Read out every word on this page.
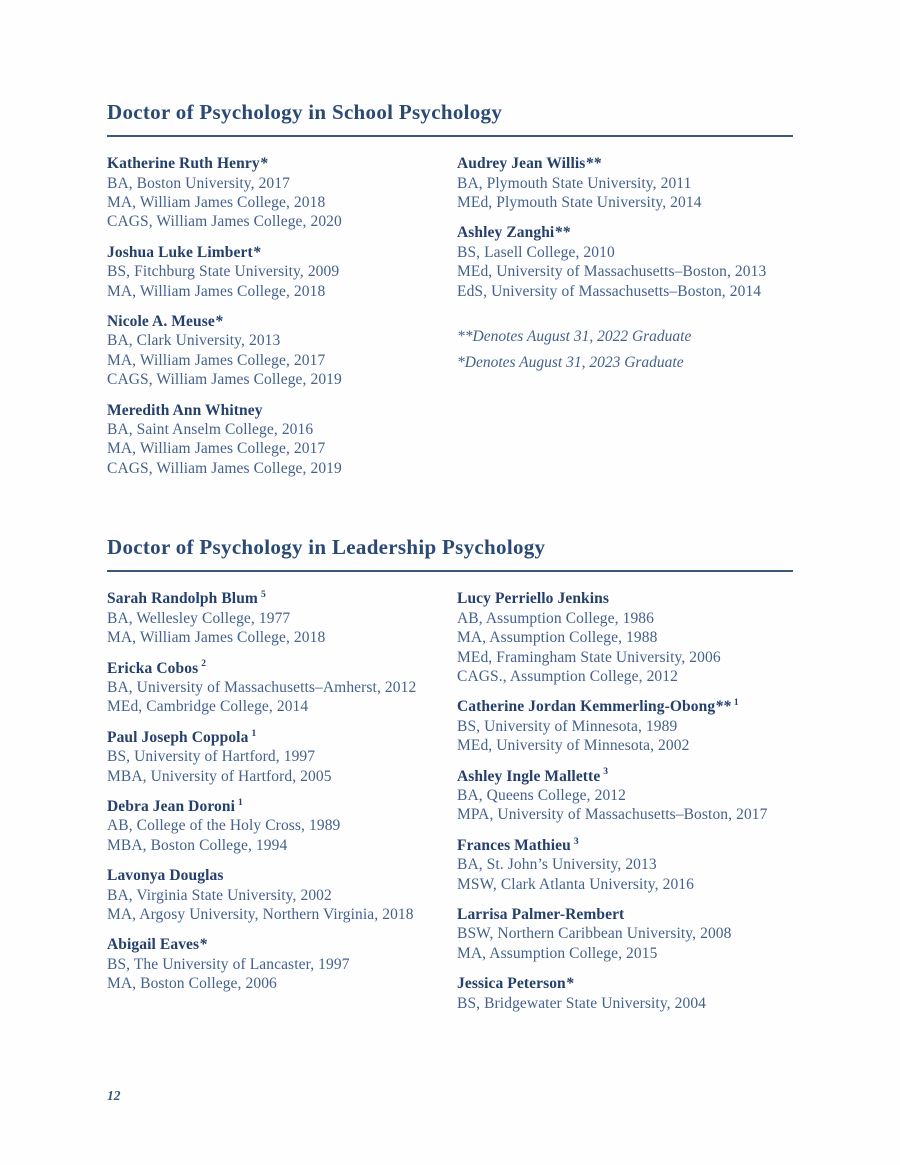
Doctor of Psychology in School Psychology

Katherine Ruth Henry*

BA, Boston University, 2017

MA, William James College, 2018

CAGS, William James College, 2020

Joshua Luke Limbert*

BS, Fitchburg State University, 2009

MA, William James College, 2018

Nicole A. Meuse*

BA, Clark University, 2013

MA, William James College, 2017

CAGS, William James College, 2019

Meredith Ann Whitney

BA, Saint Anselm College, 2016

MA, William James College, 2017

CAGS, William James College, 2019

Audrey Jean Willis**

BA, Plymouth State University, 2011

MEd, Plymouth State University, 2014

Ashley Zanghi**

BS, Lasell College, 2010

MEd, University of Massachusetts–Boston, 2013

EdS, University of Massachusetts–Boston, 2014

**Denotes August 31, 2022 Graduate

*Denotes August 31, 2023 Graduate

Doctor of Psychology in Leadership Psychology

Sarah Randolph Blum $^5$

BA, Wellesley College, 1977

MA, William James College, 2018

Ericka Cobos $^2$

BA, University of Massachusetts–Amherst, 2012

MEd, Cambridge College, 2014

Paul Joseph Coppola $^1$

BS, University of Hartford, 1997

MBA, University of Hartford, 2005

Debra Jean Doroni $^1$

AB, College of the Holy Cross, 1989

MBA, Boston College, 1994

Lavonya Douglas

BA, Virginia State University, 2002

MA, Argosy University, Northern Virginia, 2018

Abigail Eaves*

BS, The University of Lancaster, 1997

MA, Boston College, 2006

Lucy Perriello Jenkins

AB, Assumption College, 1986

MA, Assumption College, 1988

MEd, Framingham State University, 2006

CAGS., Assumption College, 2012

Catherine Jordan Kemmerling-Obong** $^1$

BS, University of Minnesota, 1989

MEd, University of Minnesota, 2002

Ashley Ingle Mallette $^3$

BA, Queens College, 2012

MPA, University of Massachusetts–Boston, 2017

Frances Mathieu $^3$

BA, St. John’s University, 2013

MSW, Clark Atlanta University, 2016

Larrisa Palmer-Rembert

BSW, Northern Caribbean University, 2008

MA, Assumption College, 2015

Jessica Peterson*

BS, Bridgewater State University, 2004

12
